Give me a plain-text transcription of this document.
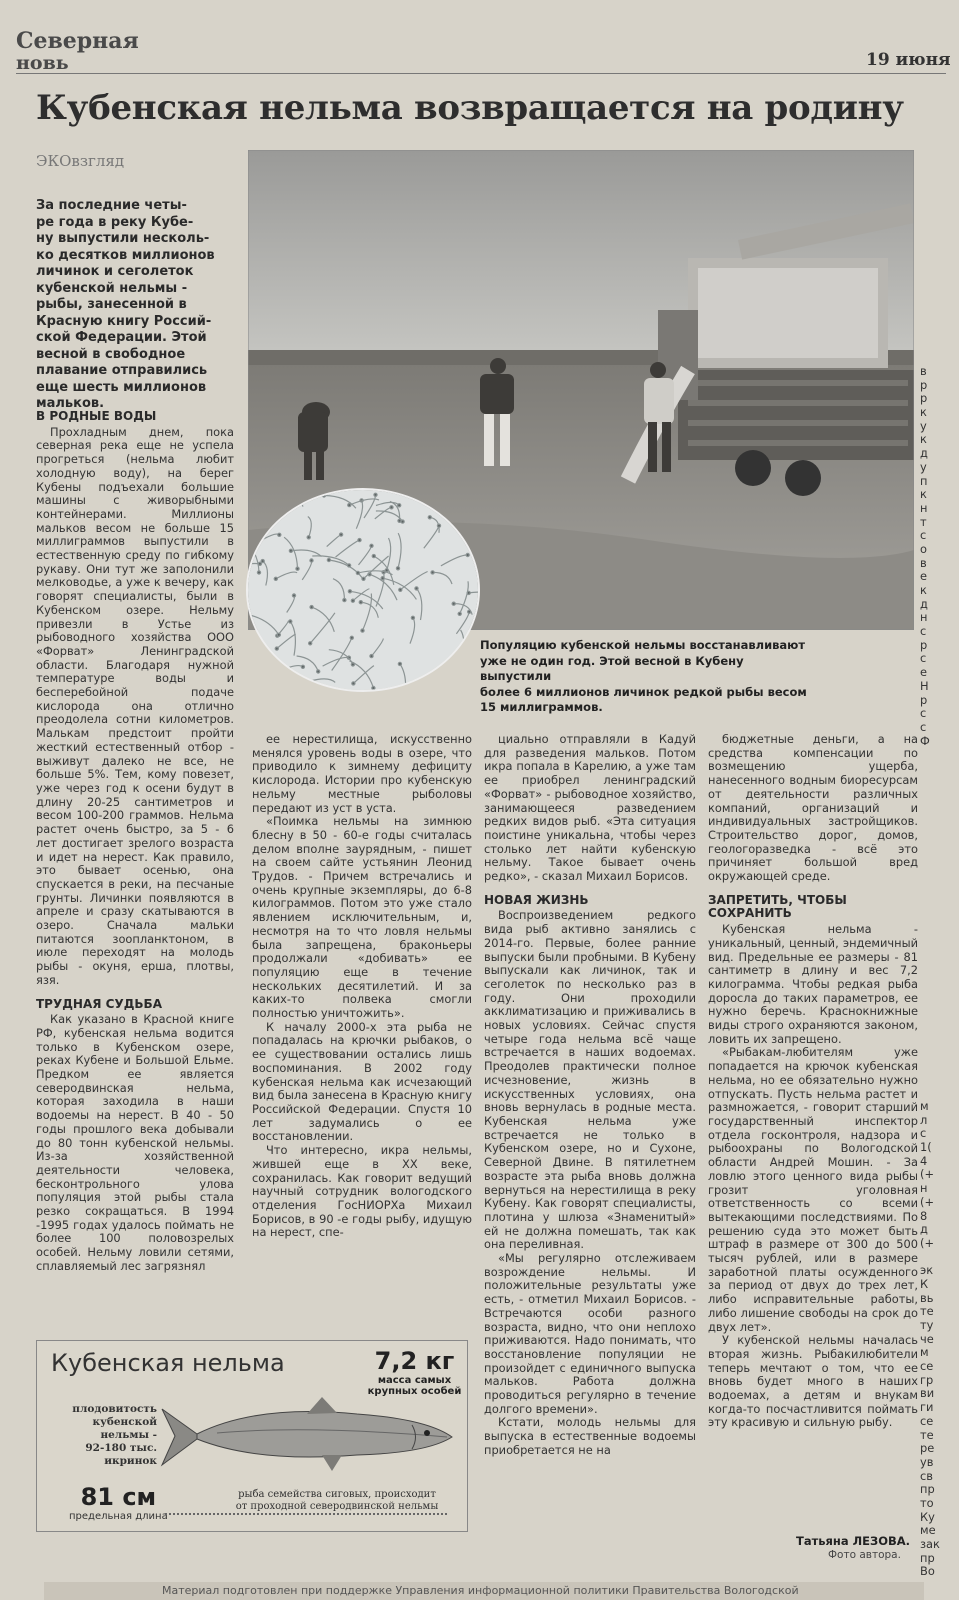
Северная
новь	19 июня
Кубенская нельма возвращается на родину
ЭКОвзгляд
За последние четы-
ре года в реку Кубе-
ну выпустили несколь-
ко десятков миллионов
личинок и сеголеток
кубенской нельмы -
рыбы, занесенной в
Красную книгу Россий-
ской Федерации. Этой
весной в свободное
плавание отправились
еще шесть миллионов
мальков.
Популяцию кубенской нельмы восстанавливают
уже не один год. Этой весной в Кубену выпустили
более 6 миллионов личинок редкой рыбы весом
15 миллиграммов.
В РОДНЫЕ ВОДЫ

Прохладным днем, пока северная река еще не успела прогреться (нельма любит холодную воду), на берег Кубены подъехали большие машины с живорыбными контейнерами. Миллионы мальков весом не больше 15 миллиграммов выпустили в естественную среду по гибкому рукаву. Они тут же заполонили мелководье, а уже к вечеру, как говорят специалисты, были в Кубенском озере. Нельму привезли в Устье из рыбоводного хозяйства ООО «Форват» Ленинградской области. Благодаря нужной температуре воды и бесперебойной подаче кислорода она отлично преодолела сотни километров. Малькам предстоит пройти жесткий естественный отбор - выживут далеко не все, не больше 5%. Тем, кому повезет, уже через год к осени будут в длину 20-25 сантиметров и весом 100-200 граммов. Нельма растет очень быстро, за 5 - 6 лет достигает зрелого возраста и идет на нерест. Как правило, это бывает осенью, она спускается в реки, на песчаные грунты. Личинки появляются в апреле и сразу скатываются в озеро. Сначала мальки питаются зоопланктоном, в июле переходят на молодь рыбы - окуня, ерша, плотвы, язя.

ТРУДНАЯ СУДЬБА

Как указано в Красной книге РФ, кубенская нельма водится только в Кубенском озере, реках Кубене и Большой Ельме. Предком ее является северодвинская нельма, которая заходила в наши водоемы на нерест. В 40 - 50 годы прошлого века добывали до 80 тонн кубенской нельмы. Из-за хозяйственной деятельности человека, бесконтрольного улова популяция этой рыбы стала резко сокращаться. В 1994 -1995 годах удалось поймать не более 100 половозрелых особей. Нельму ловили сетями, сплавляемый лес загрязнял

ее нерестилища, искусственно менялся уровень воды в озере, что приводило к зимнему дефициту кислорода. Истории про кубенскую нельму местные рыболовы передают из уст в уста.

«Поимка нельмы на зимнюю блесну в 50 - 60-е годы считалась делом вполне заурядным, - пишет на своем сайте устьянин Леонид Трудов. - Причем встречались и очень крупные экземпляры, до 6-8 килограммов. Потом это уже стало явлением исключительным, и, несмотря на то что ловля нельмы была запрещена, браконьеры продолжали «добивать» ее популяцию еще в течение нескольких десятилетий. И за каких-то полвека смогли полностью уничтожить».

К началу 2000-х эта рыба не попадалась на крючки рыбаков, о ее существовании остались лишь воспоминания. В 2002 году кубенская нельма как исчезающий вид была занесена в Красную книгу Российской Федерации. Спустя 10 лет задумались о ее восстановлении.

Что интересно, икра нельмы, жившей еще в XX веке, сохранилась. Как говорит ведущий научный сотрудник вологодского отделения ГосНИОРХа Михаил Борисов, в 90 -е годы рыбу, идущую на нерест, спе-

циально отправляли в Кадуй для разведения мальков. Потом икра попала в Карелию, а уже там ее приобрел ленинградский «Форват» - рыбоводное хозяйство, занимающееся разведением редких видов рыб. «Эта ситуация поистине уникальна, чтобы через столько лет найти кубенскую нельму. Такое бывает очень редко», - сказал Михаил Борисов.

НОВАЯ ЖИЗНЬ

Воспроизведением редкого вида рыб активно занялись с 2014-го. Первые, более ранние выпуски были пробными. В Кубену выпускали как личинок, так и сеголеток по несколько раз в году. Они проходили акклиматизацию и приживались в новых условиях. Сейчас спустя четыре года нельма всё чаще встречается в наших водоемах. Преодолев практически полное исчезновение, жизнь в искусственных условиях, она вновь вернулась в родные места. Кубенская нельма уже встречается не только в Кубенском озере, но и Сухоне, Северной Двине. В пятилетнем возрасте эта рыба вновь должна вернуться на нерестилища в реку Кубену. Как говорят специалисты, плотина у шлюза «Знаменитый» ей не должна помешать, так как она переливная.

«Мы регулярно отслеживаем возрождение нельмы. И положительные результаты уже есть, - отметил Михаил Борисов. - Встречаются особи разного возраста, видно, что они неплохо приживаются. Надо понимать, что восстановление популяции не произойдет с единичного выпуска мальков. Работа должна проводиться регулярно в течение долгого времени».

Кстати, молодь нельмы для выпуска в естественные водоемы приобретается не на

бюджетные деньги, а на средства компенсации по возмещению ущерба, нанесенного водным биоресурсам от деятельности различных компаний, организаций и индивидуальных застройщиков. Строительство дорог, домов, геологоразведка - всё это причиняет большой вред окружающей среде.

ЗАПРЕТИТЬ, ЧТОБЫ СОХРАНИТЬ

Кубенская нельма - уникальный, ценный, эндемичный вид. Предельные ее размеры - 81 сантиметр в длину и вес 7,2 килограмма. Чтобы редкая рыба доросла до таких параметров, ее нужно беречь. Краснокнижные виды строго охраняются законом, ловить их запрещено.

«Рыбакам-любителям уже попадается на крючок кубенская нельма, но ее обязательно нужно отпускать. Пусть нельма растет и размножается, - говорит старший государственный инспектор отдела госконтроля, надзора и рыбоохраны по Вологодской области Андрей Мошин. - За ловлю этого ценного вида рыбы грозит уголовная ответственность со всеми вытекающими последствиями. По решению суда это может быть штраф в размере от 300 до 500 тысяч рублей, или в размере заработной платы осужденного за период от двух до трех лет, либо исправительные работы, либо лишение свободы на срок до двух лет».

У кубенской нельмы началась вторая жизнь. Рыбакилюбители теперь мечтают о том, что ее вновь будет много в наших водоемах, а детям и внукам когда-то посчастливится поймать эту красивую и сильную рыбу.

в
р
р
к
у
к
д
у
п
к
н
т
с
о
в
е
к
д
н
с
р
с
е
Н
р
с
с
Ф
м
л
с
1(
4
(+
н
(+
8
д
(+
эк
К
вь
те
ту
че
м
се
гр
ви
ги
се
те
ре
ув
св
пр
то
Ку
ме
зак
пр
Во
Кубенская нельма	7,2 кг
масса самых
крупных особей
плодовитость
кубенской
нельмы -
92-180 тыс.
икринок
рыба семейства сиговых, происходит
от проходной северодвинской нельмы
81 см
предельная длина
Татьяна ЛЕЗОВА.
Фото автора.
Материал подготовлен при поддержке Управления информационной политики Правительства Вологодской
